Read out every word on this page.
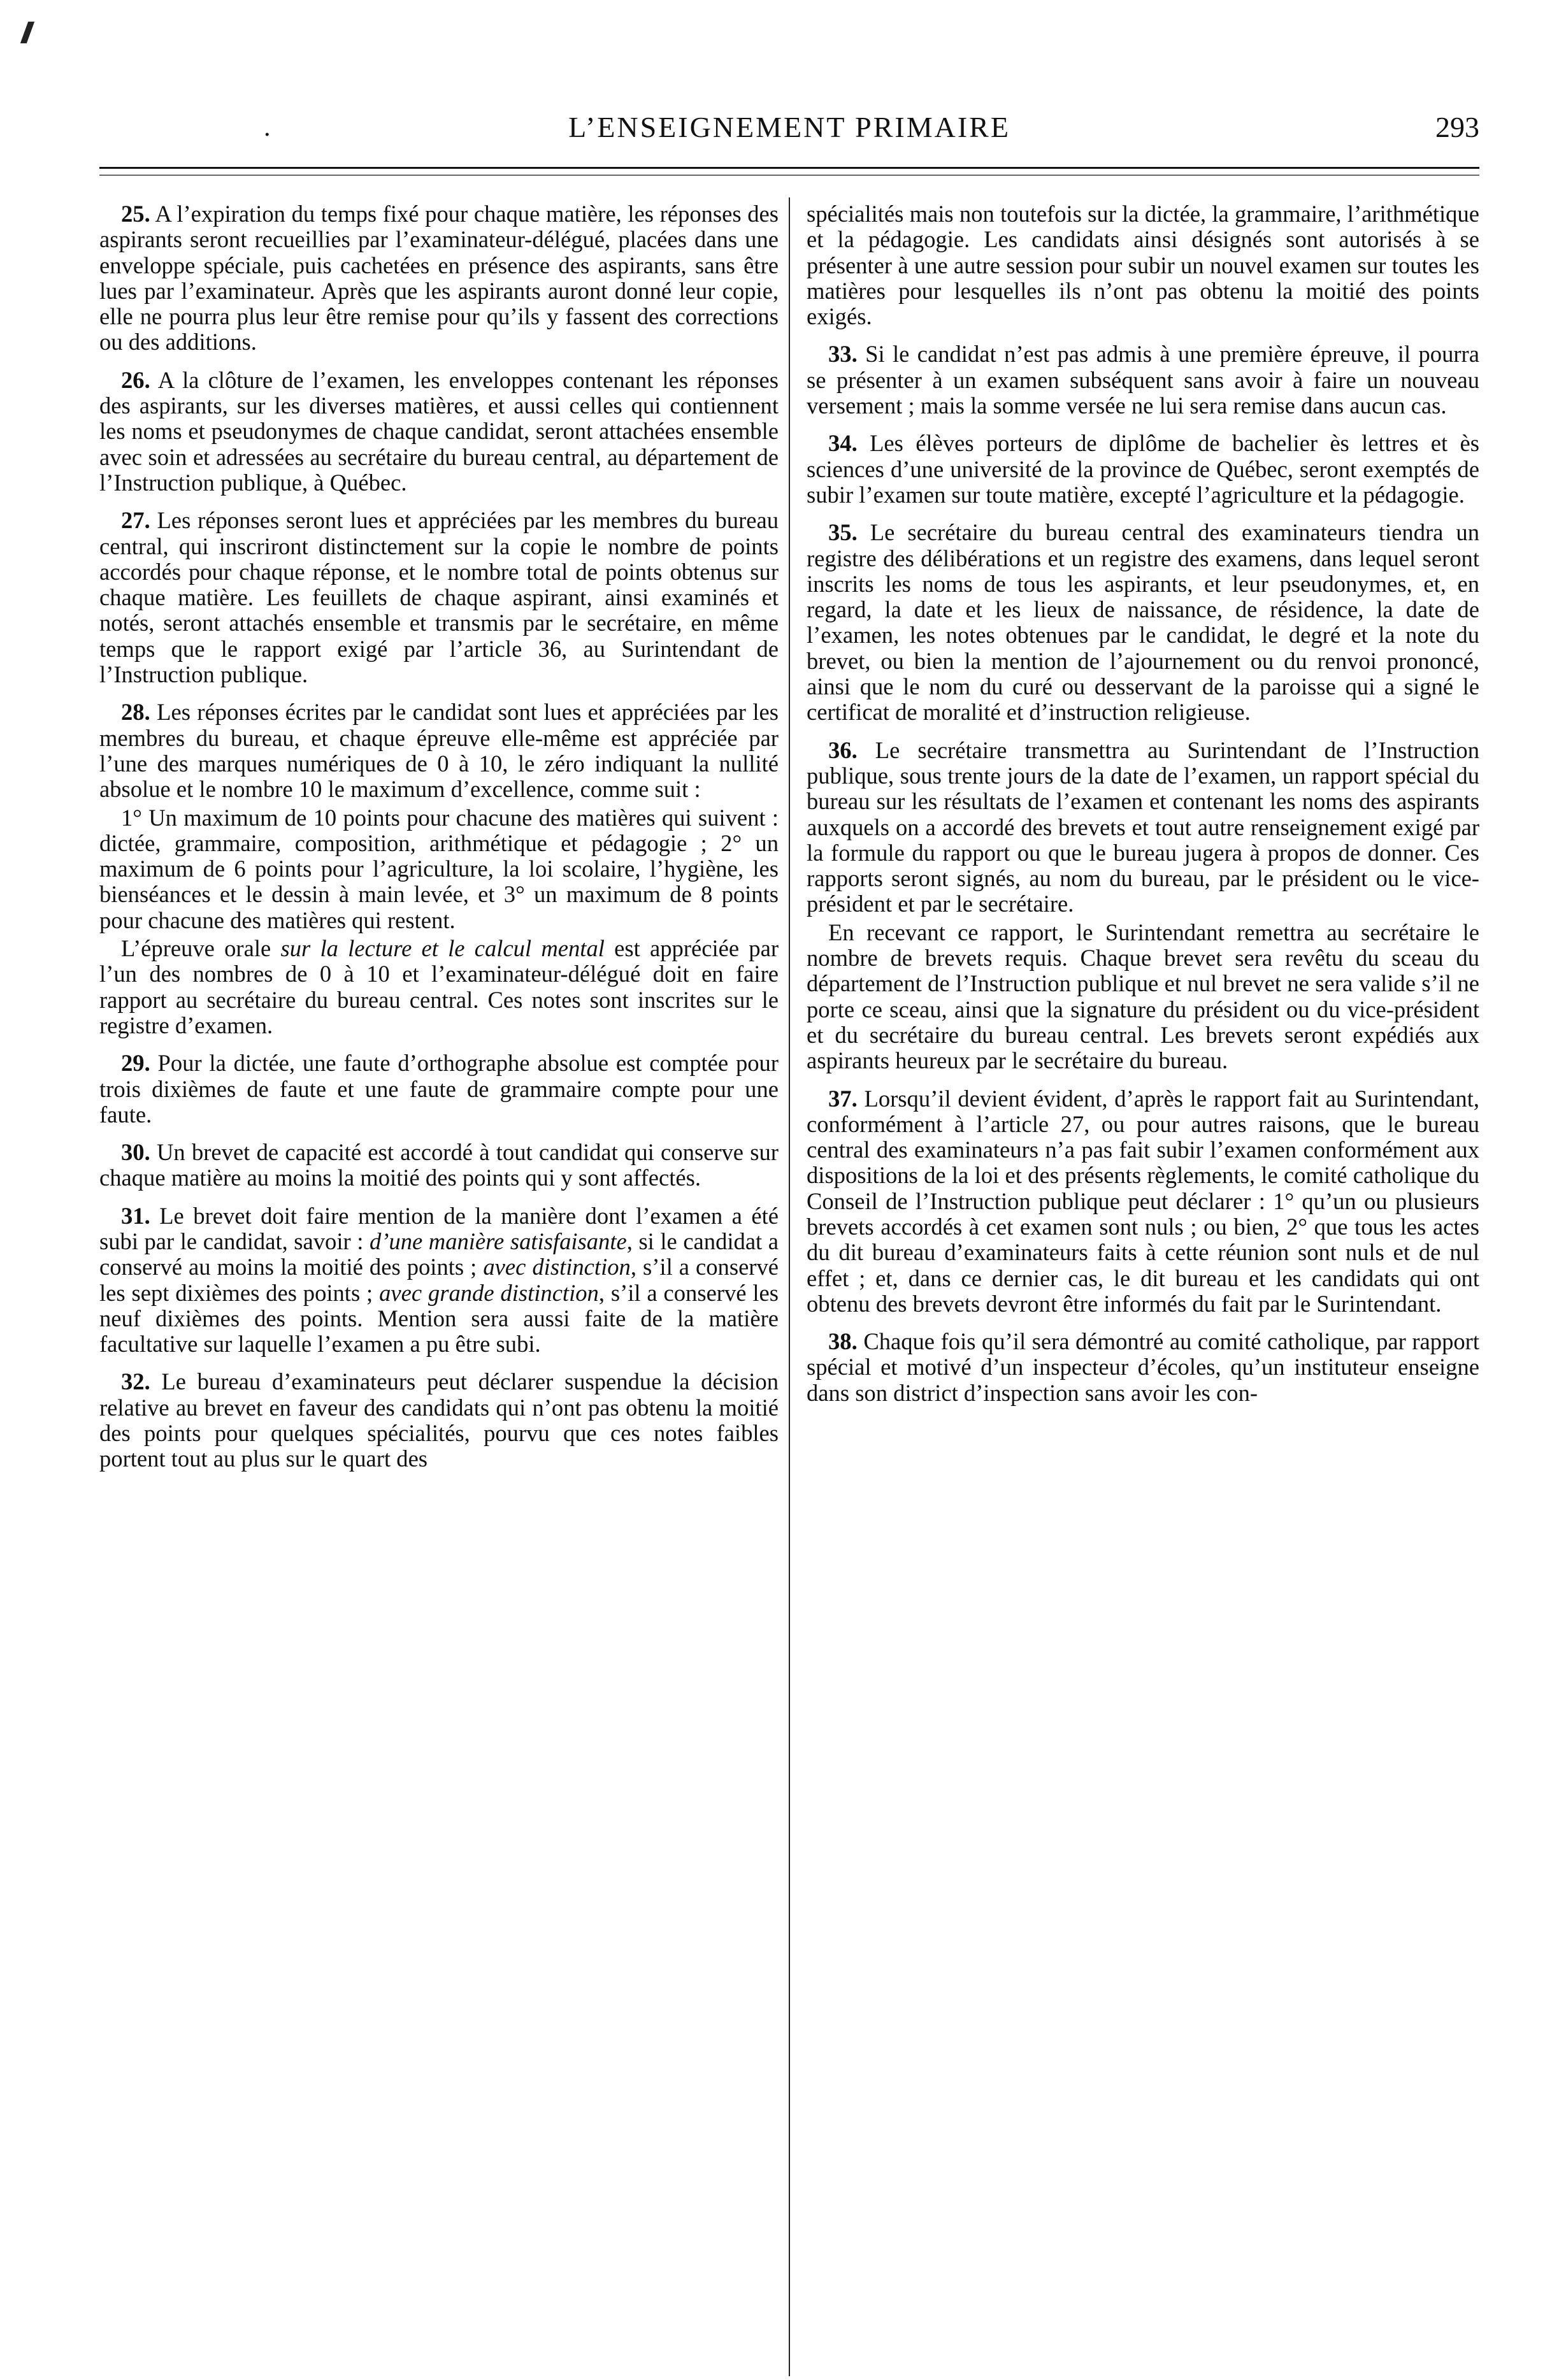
.	L’ENSEIGNEMENT PRIMAIRE	293

25. A l’expiration du temps fixé pour chaque matière, les réponses des aspirants seront recueillies par l’examinateur-délégué, placées dans une enveloppe spéciale, puis cachetées en présence des aspirants, sans être lues par l’examinateur. Après que les aspirants auront donné leur copie, elle ne pourra plus leur être remise pour qu’ils y fassent des corrections ou des additions.

26. A la clôture de l’examen, les enveloppes contenant les réponses des aspirants, sur les diverses matières, et aussi celles qui contiennent les noms et pseudonymes de chaque candidat, seront attachées ensemble avec soin et adressées au secrétaire du bureau central, au département de l’Instruction publique, à Québec.

27. Les réponses seront lues et appréciées par les membres du bureau central, qui inscriront distinctement sur la copie le nombre de points accordés pour chaque réponse, et le nombre total de points obtenus sur chaque matière. Les feuillets de chaque aspirant, ainsi examinés et notés, seront attachés ensemble et transmis par le secrétaire, en même temps que le rapport exigé par l’article 36, au Surintendant de l’Instruction publique.

28. Les réponses écrites par le candidat sont lues et appréciées par les membres du bureau, et chaque épreuve elle-même est appréciée par l’une des marques numériques de 0 à 10, le zéro indiquant la nullité absolue et le nombre 10 le maximum d’excellence, comme suit :

1° Un maximum de 10 points pour chacune des matières qui suivent : dictée, grammaire, composition, arithmétique et pédagogie ; 2° un maximum de 6 points pour l’agriculture, la loi scolaire, l’hygiène, les bienséances et le dessin à main levée, et 3° un maximum de 8 points pour chacune des matières qui restent.

L’épreuve orale sur la lecture et le calcul mental est appréciée par l’un des nombres de 0 à 10 et l’examinateur-délégué doit en faire rapport au secrétaire du bureau central. Ces notes sont inscrites sur le registre d’examen.

29. Pour la dictée, une faute d’orthographe absolue est comptée pour trois dixièmes de faute et une faute de grammaire compte pour une faute.

30. Un brevet de capacité est accordé à tout candidat qui conserve sur chaque matière au moins la moitié des points qui y sont affectés.

31. Le brevet doit faire mention de la manière dont l’examen a été subi par le candidat, savoir : d’une manière satisfaisante, si le candidat a conservé au moins la moitié des points ; avec distinction, s’il a conservé les sept dixièmes des points ; avec grande distinction, s’il a conservé les neuf dixièmes des points. Mention sera aussi faite de la matière facultative sur laquelle l’examen a pu être subi.

32. Le bureau d’examinateurs peut déclarer suspendue la décision relative au brevet en faveur des candidats qui n’ont pas obtenu la moitié des points pour quelques spécialités, pourvu que ces notes faibles portent tout au plus sur le quart des

spécialités mais non toutefois sur la dictée, la grammaire, l’arithmétique et la pédagogie. Les candidats ainsi désignés sont autorisés à se présenter à une autre session pour subir un nouvel examen sur toutes les matières pour lesquelles ils n’ont pas obtenu la moitié des points exigés.

33. Si le candidat n’est pas admis à une première épreuve, il pourra se présenter à un examen subséquent sans avoir à faire un nouveau versement ; mais la somme versée ne lui sera remise dans aucun cas.

34. Les élèves porteurs de diplôme de bachelier ès lettres et ès sciences d’une université de la province de Québec, seront exemptés de subir l’examen sur toute matière, excepté l’agriculture et la pédagogie.

35. Le secrétaire du bureau central des examinateurs tiendra un registre des délibérations et un registre des examens, dans lequel seront inscrits les noms de tous les aspirants, et leur pseudonymes, et, en regard, la date et les lieux de naissance, de résidence, la date de l’examen, les notes obtenues par le candidat, le degré et la note du brevet, ou bien la mention de l’ajournement ou du renvoi prononcé, ainsi que le nom du curé ou desservant de la paroisse qui a signé le certificat de moralité et d’instruction religieuse.

36. Le secrétaire transmettra au Surintendant de l’Instruction publique, sous trente jours de la date de l’examen, un rapport spécial du bureau sur les résultats de l’examen et contenant les noms des aspirants auxquels on a accordé des brevets et tout autre renseignement exigé par la formule du rapport ou que le bureau jugera à propos de donner. Ces rapports seront signés, au nom du bureau, par le président ou le vice-président et par le secrétaire.

En recevant ce rapport, le Surintendant remettra au secrétaire le nombre de brevets requis. Chaque brevet sera revêtu du sceau du département de l’Instruction publique et nul brevet ne sera valide s’il ne porte ce sceau, ainsi que la signature du président ou du vice-président et du secrétaire du bureau central. Les brevets seront expédiés aux aspirants heureux par le secrétaire du bureau.

37. Lorsqu’il devient évident, d’après le rapport fait au Surintendant, conformément à l’article 27, ou pour autres raisons, que le bureau central des examinateurs n’a pas fait subir l’examen conformément aux dispositions de la loi et des présents règlements, le comité catholique du Conseil de l’Instruction publique peut déclarer : 1° qu’un ou plusieurs brevets accordés à cet examen sont nuls ; ou bien, 2° que tous les actes du dit bureau d’examinateurs faits à cette réunion sont nuls et de nul effet ; et, dans ce dernier cas, le dit bureau et les candidats qui ont obtenu des brevets devront être informés du fait par le Surintendant.

38. Chaque fois qu’il sera démontré au comité catholique, par rapport spécial et motivé d’un inspecteur d’écoles, qu’un instituteur enseigne dans son district d’inspection sans avoir les con-
